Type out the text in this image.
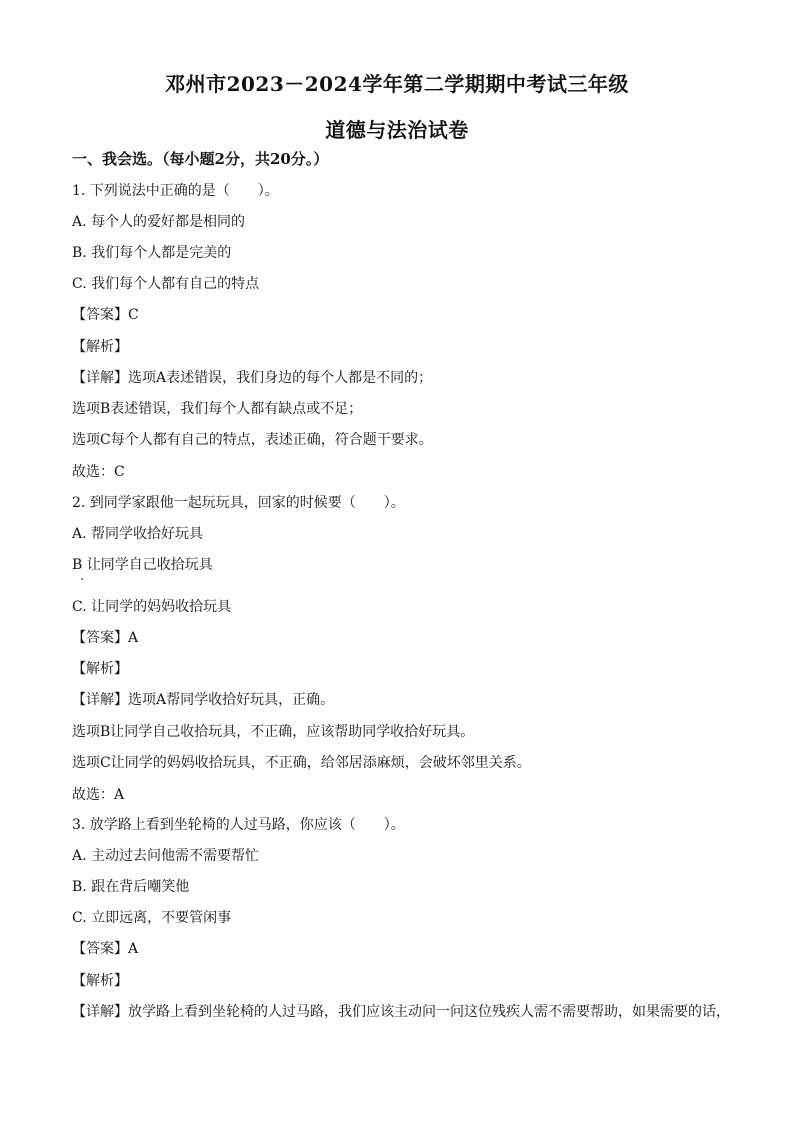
邓州市2023－2024学年第二学期期中考试三年级
道德与法治试卷
一、我会选。（每小题2分，共20分。）
1. 下列说法中正确的是（　　）。
A. 每个人的爱好都是相同的
B. 我们每个人都是完美的
C. 我们每个人都有自己的特点
【答案】C
【解析】
【详解】选项A表述错误，我们身边的每个人都是不同的；
选项B表述错误，我们每个人都有缺点或不足；
选项C每个人都有自己的特点，表述正确，符合题干要求。
故选：C
2. 到同学家跟他一起玩玩具，回家的时候要（　　）。
A. 帮同学收拾好玩具
B 让同学自己收拾玩具
C. 让同学的妈妈收拾玩具
【答案】A
【解析】
【详解】选项A帮同学收拾好玩具，正确。
选项B让同学自己收拾玩具，不正确，应该帮助同学收拾好玩具。
选项C让同学的妈妈收拾玩具，不正确，给邻居添麻烦，会破坏邻里关系。
故选：A
3. 放学路上看到坐轮椅的人过马路，你应该（　　）。
A. 主动过去问他需不需要帮忙
B. 跟在背后嘲笑他
C. 立即远离，不要管闲事
【答案】A
【解析】
【详解】放学路上看到坐轮椅的人过马路，我们应该主动问一问这位残疾人需不需要帮助，如果需要的话，
